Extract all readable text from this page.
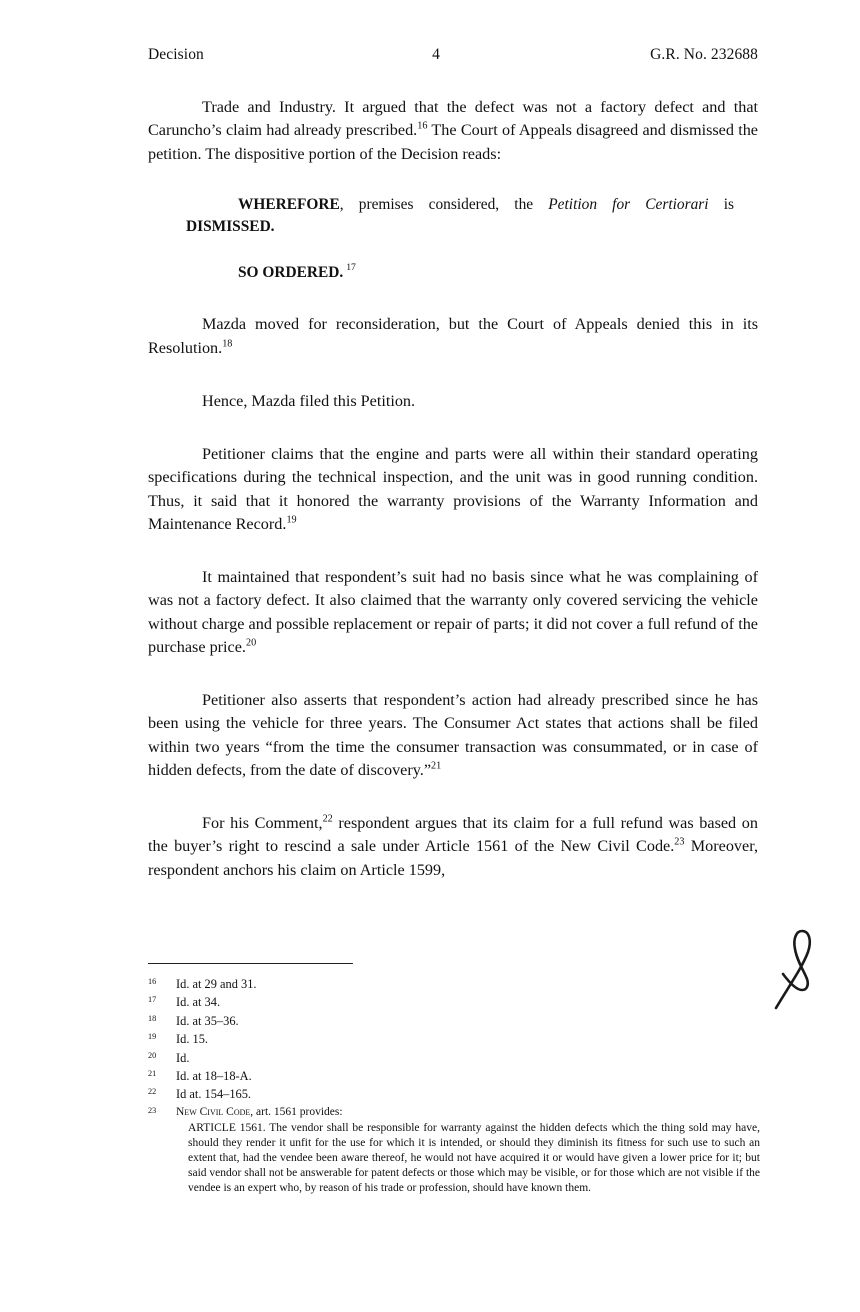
Decision	4	G.R. No. 232688

Trade and Industry. It argued that the defect was not a factory defect and that Caruncho’s claim had already prescribed.$^{16}$ The Court of Appeals disagreed and dismissed the petition. The dispositive portion of the Decision reads:

WHEREFORE, premises considered, the Petition for Certiorari is DISMISSED.

SO ORDERED. $^{17}$

Mazda moved for reconsideration, but the Court of Appeals denied this in its Resolution.$^{18}$

Hence, Mazda filed this Petition.

Petitioner claims that the engine and parts were all within their standard operating specifications during the technical inspection, and the unit was in good running condition. Thus, it said that it honored the warranty provisions of the Warranty Information and Maintenance Record.$^{19}$

It maintained that respondent’s suit had no basis since what he was complaining of was not a factory defect. It also claimed that the warranty only covered servicing the vehicle without charge and possible replacement or repair of parts; it did not cover a full refund of the purchase price.$^{20}$

Petitioner also asserts that respondent’s action had already prescribed since he has been using the vehicle for three years. The Consumer Act states that actions shall be filed within two years “from the time the consumer transaction was consummated, or in case of hidden defects, from the date of discovery.”$^{21}$

For his Comment,$^{22}$ respondent argues that its claim for a full refund was based on the buyer’s right to rescind a sale under Article 1561 of the New Civil Code.$^{23}$ Moreover, respondent anchors his claim on Article 1599,

16	Id. at 29 and 31.
17	Id. at 34.
18	Id. at 35–36.
19	Id. 15.
20	Id.
21	Id. at 18–18-A.
22	Id at. 154–165.
23	New Civil Code, art. 1561 provides:
ARTICLE 1561. The vendor shall be responsible for warranty against the hidden defects which the thing sold may have, should they render it unfit for the use for which it is intended, or should they diminish its fitness for such use to such an extent that, had the vendee been aware thereof, he would not have acquired it or would have given a lower price for it; but said vendor shall not be answerable for patent defects or those which may be visible, or for those which are not visible if the vendee is an expert who, by reason of his trade or profession, should have known them.
